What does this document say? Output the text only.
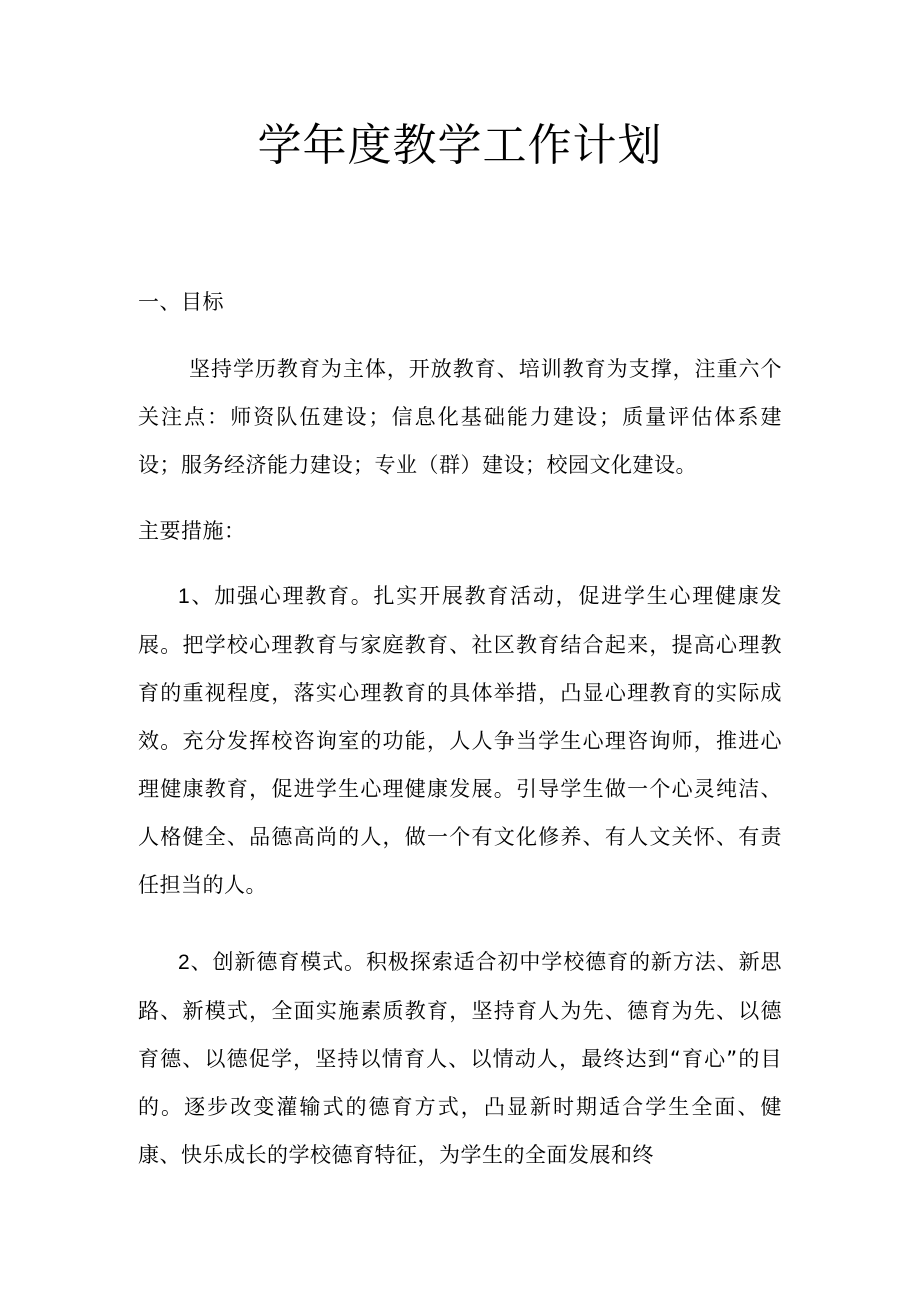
学年度教学工作计划

一、目标

坚持学历教育为主体，开放教育、培训教育为支撑，注重六个关注点：师资队伍建设；信息化基础能力建设；质量评估体系建设；服务经济能力建设；专业（群）建设；校园文化建设。

主要措施：

1、加强心理教育。扎实开展教育活动，促进学生心理健康发展。把学校心理教育与家庭教育、社区教育结合起来，提高心理教育的重视程度，落实心理教育的具体举措，凸显心理教育的实际成效。充分发挥校咨询室的功能，人人争当学生心理咨询师，推进心理健康教育，促进学生心理健康发展。引导学生做一个心灵纯洁、人格健全、品德高尚的人，做一个有文化修养、有人文关怀、有责任担当的人。

2、创新德育模式。积极探索适合初中学校德育的新方法、新思路、新模式，全面实施素质教育，坚持育人为先、德育为先、以德育德、以德促学，坚持以情育人、以情动人，最终达到“育心”的目的。逐步改变灌输式的德育方式，凸显新时期适合学生全面、健康、快乐成长的学校德育特征，为学生的全面发展和终
